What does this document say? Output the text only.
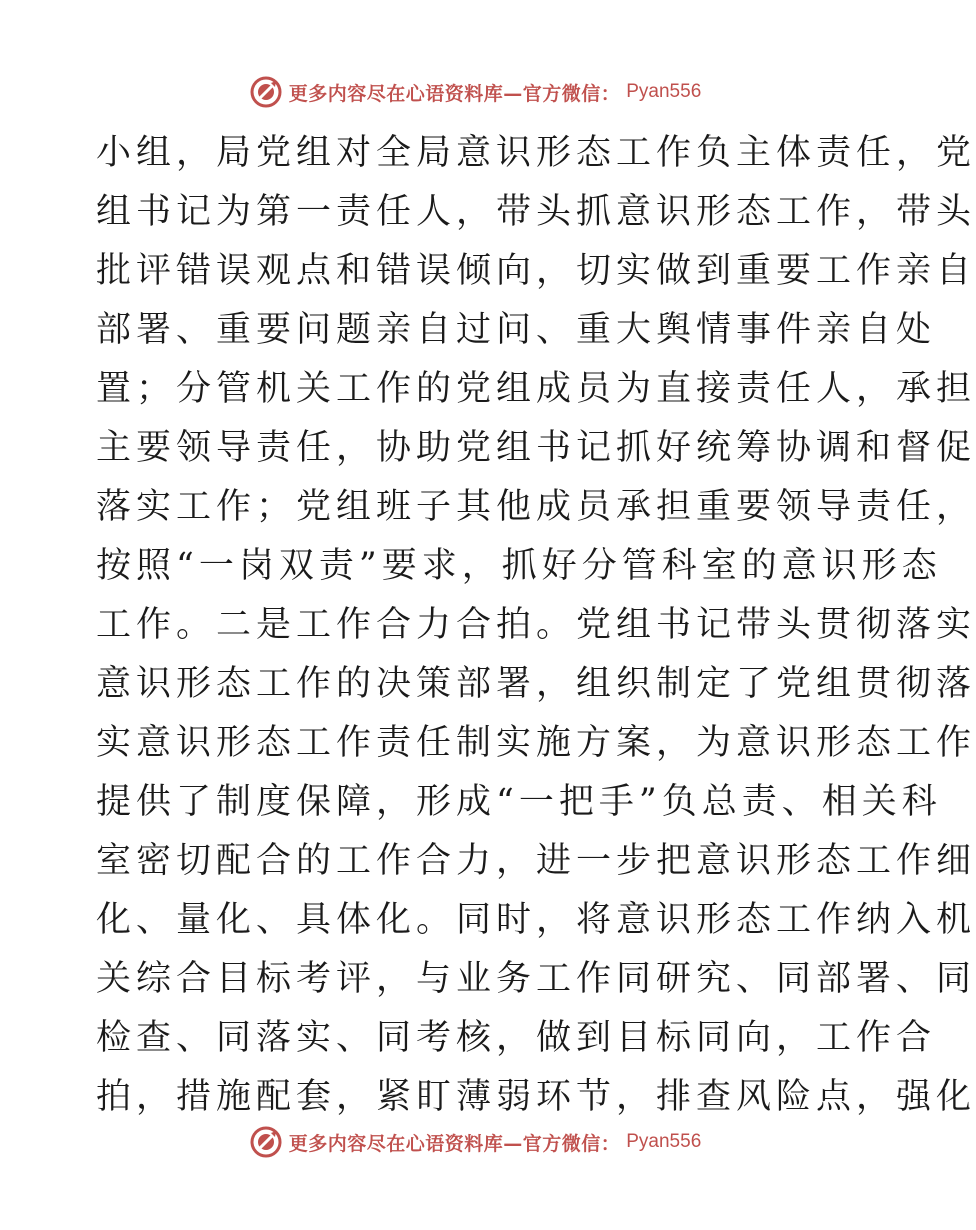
更多内容尽在心语资料库—官方微信： Pyan556
小组，局党组对全局意识形态工作负主体责任，党
组书记为第一责任人，带头抓意识形态工作，带头
批评错误观点和错误倾向，切实做到重要工作亲自
部署、重要问题亲自过问、重大舆情事件亲自处
置；分管机关工作的党组成员为直接责任人，承担
主要领导责任，协助党组书记抓好统筹协调和督促
落实工作；党组班子其他成员承担重要领导责任，
按照“一岗双责”要求，抓好分管科室的意识形态
工作。二是工作合力合拍。党组书记带头贯彻落实
意识形态工作的决策部署，组织制定了党组贯彻落
实意识形态工作责任制实施方案，为意识形态工作
提供了制度保障，形成“一把手”负总责、相关科
室密切配合的工作合力，进一步把意识形态工作细
化、量化、具体化。同时，将意识形态工作纳入机
关综合目标考评，与业务工作同研究、同部署、同
检查、同落实、同考核，做到目标同向，工作合
拍，措施配套，紧盯薄弱环节，排查风险点，强化
更多内容尽在心语资料库—官方微信： Pyan556
